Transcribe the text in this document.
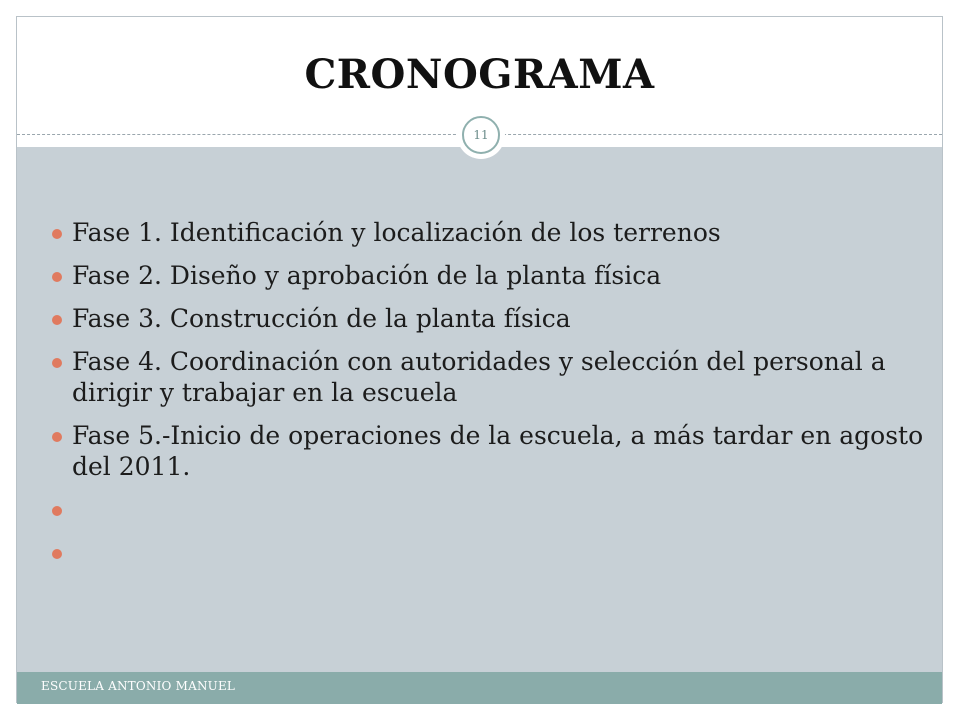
CRONOGRAMA
11
Fase 1. Identificación y localización de los terrenos
Fase 2. Diseño y aprobación de la planta física
Fase 3. Construcción de la planta física
Fase 4. Coordinación con autoridades y selección del personal a dirigir y trabajar en la escuela
Fase 5.-Inicio de operaciones de la escuela, a más tardar en agosto del 2011.
ESCUELA ANTONIO MANUEL
